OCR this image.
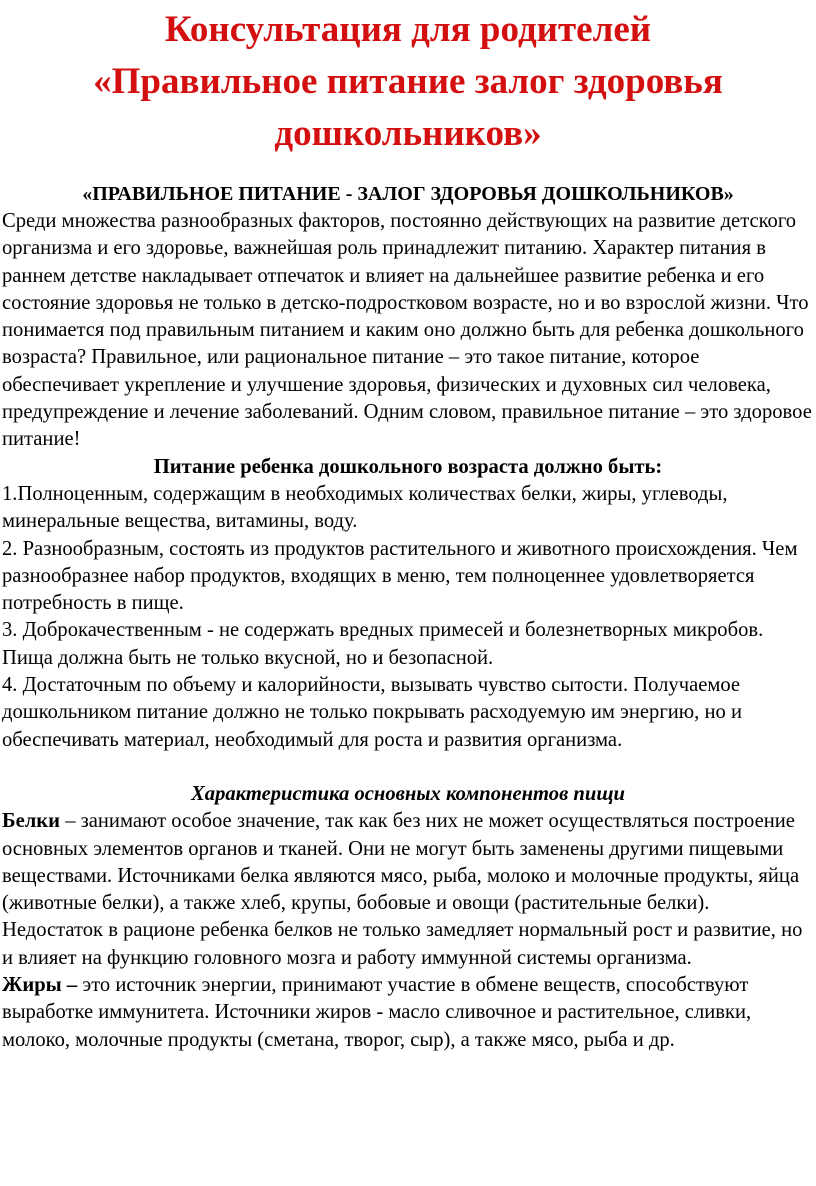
Консультация для родителей
«Правильное питание залог здоровья
дошкольников»

«ПРАВИЛЬНОЕ ПИТАНИЕ - ЗАЛОГ ЗДОРОВЬЯ ДОШКОЛЬНИКОВ»

Среди множества разнообразных факторов, постоянно действующих на развитие детского организма и его здоровье, важнейшая роль принадлежит питанию. Характер питания в раннем детстве накладывает отпечаток и влияет на дальнейшее развитие ребенка и его состояние здоровья не только в детско-подростковом возрасте, но и во взрослой жизни. Что понимается под правильным питанием и каким оно должно быть для ребенка дошкольного возраста? Правильное, или рациональное питание – это такое питание, которое обеспечивает укрепление и улучшение здоровья, физических и духовных сил человека, предупреждение и лечение заболеваний. Одним словом, правильное питание – это здоровое питание!

Питание ребенка дошкольного возраста должно быть:

1.Полноценным, содержащим в необходимых количествах белки, жиры, углеводы, минеральные вещества, витамины, воду.

2. Разнообразным, состоять из продуктов растительного и животного происхождения. Чем разнообразнее набор продуктов, входящих в меню, тем полноценнее удовлетворяется потребность в пище.

3. Доброкачественным - не содержать вредных примесей и болезнетворных микробов. Пища должна быть не только вкусной, но и безопасной.

4. Достаточным по объему и калорийности, вызывать чувство сытости. Получаемое дошкольником питание должно не только покрывать расходуемую им энергию, но и обеспечивать материал, необходимый для роста и развития организма.

Характеристика основных компонентов пищи

Белки – занимают особое значение, так как без них не может осуществляться построение основных элементов органов и тканей. Они не могут быть заменены другими пищевыми веществами. Источниками белка являются мясо, рыба, молоко и молочные продукты, яйца (животные белки), а также хлеб, крупы, бобовые и овощи (растительные белки). Недостаток в рационе ребенка белков не только замедляет нормальный рост и развитие, но и влияет на функцию головного мозга и работу иммунной системы организма.

Жиры – это источник энергии, принимают участие в обмене веществ, способствуют выработке иммунитета. Источники жиров - масло сливочное и растительное, сливки, молоко, молочные продукты (сметана, творог, сыр), а также мясо, рыба и др.
